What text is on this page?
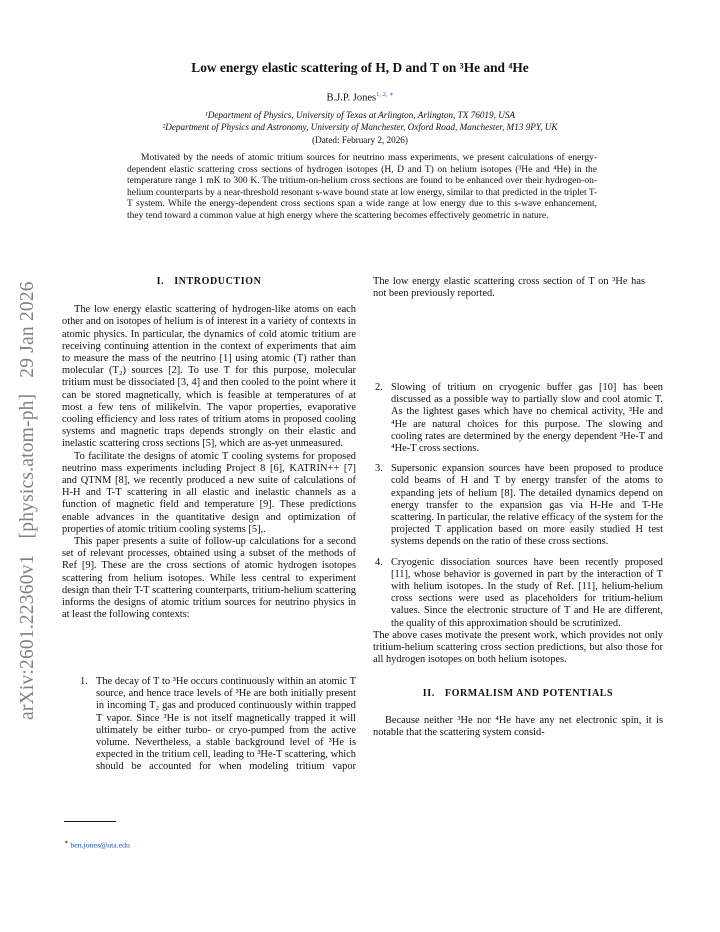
arXiv:2601.22360v1
[physics.atom-ph]
29 Jan 2026
Low energy elastic scattering of H, D and T on ³He and ⁴He
B.J.P. Jones$^{1, 2, ∗}$
¹Department of Physics, University of Texas at Arlington, Arlington, TX 76019, USA
²Department of Physics and Astronomy, University of Manchester, Oxford Road, Manchester, M13 9PY, UK
(Dated: February 2, 2026)

Motivated by the needs of atomic tritium sources for neutrino mass experiments, we present calculations of energy-dependent elastic scattering cross sections of hydrogen isotopes (H, D and T) on helium isotopes (³He and ⁴He) in the temperature range 1 mK to 300 K. The tritium-on-helium cross sections are found to be enhanced over their hydrogen-on-helium counterparts by a near-threshold resonant s-wave bound state at low energy, similar to that predicted in the triplet T-T system. While the energy-dependent cross sections span a wide range at low energy due to this s-wave enhancement, they tend toward a common value at high energy where the scattering becomes effectively geometric in nature.

I. INTRODUCTION

The low energy elastic scattering of hydrogen-like atoms on each other and on isotopes of helium is of interest in a variety of contexts in atomic physics. In particular, the dynamics of cold atomic tritium are receiving continuing attention in the context of experiments that aim to measure the mass of the neutrino [1] using atomic (T) rather than molecular (T₂) sources [2]. To use T for this purpose, molecular tritium must be dissociated [3, 4] and then cooled to the point where it can be stored magnetically, which is feasible at temperatures of at most a few tens of milikelvin. The vapor properties, evaporative cooling efficiency and loss rates of tritium atoms in proposed cooling systems and magnetic traps depends strongly on their elastic and inelastic scattering cross sections [5], which are as-yet unmeasured.

To facilitate the designs of atomic T cooling systems for proposed neutrino mass experiments including Project 8 [6], KATRIN++ [7] and QTNM [8], we recently produced a new suite of calculations of H-H and T-T scattering in all elastic and inelastic channels as a function of magnetic field and temperature [9]. These predictions enable advances in the quantitative design and optimization of properties of atomic tritium cooling systems [5],.

This paper presents a suite of follow-up calculations for a second set of relevant processes, obtained using a subset of the methods of Ref [9]. These are the cross sections of atomic hydrogen isotopes scattering from helium isotopes. While less central to experiment design than their T-T scattering counterparts, tritium-helium scattering informs the designs of atomic tritium sources for neutrino physics in at least the following contexts:

1. The decay of T to ³He occurs continuously within an atomic T source, and hence trace levels of ³He are both initially present in incoming T₂ gas and produced continuously within trapped T vapor. Since ³He is not itself magnetically trapped it will ultimately be either turbo- or cryo-pumped from the active volume. Nevertheless, a stable background level of ³He is expected in the tritium cell, leading to ³He-T scattering, which should be accounted for when modeling tritium vapor
The low energy elastic scattering cross section of T on ³He has not been previously reported.
2. Slowing of tritium on cryogenic buffer gas [10] has been discussed as a possible way to partially slow and cool atomic T. As the lightest gases which have no chemical activity, ³He and ⁴He are natural choices for this purpose. The slowing and cooling rates are determined by the energy dependent ³He-T and ⁴He-T cross sections.
3. Supersonic expansion sources have been proposed to produce cold beams of H and T by energy transfer of the atoms to expanding jets of helium [8]. The detailed dynamics depend on energy transfer to the expansion gas via H-He and T-He scattering. In particular, the relative efficacy of the system for the projected T application based on more easily studied H test systems depends on the ratio of these cross sections.
4. Cryogenic dissociation sources have been recently proposed [11], whose behavior is governed in part by the interaction of T with helium isotopes. In the study of Ref. [11], helium-helium cross sections were used as placeholders for tritium-helium values. Since the electronic structure of T and He are different, the quality of this approximation should be scrutinized.

The above cases motivate the present work, which provides not only tritium-helium scattering cross section predictions, but also those for all hydrogen isotopes on both helium isotopes.

II. FORMALISM AND POTENTIALS

Because neither ³He nor ⁴He have any net electronic spin, it is notable that the scattering system consid-

∗ ben.jones@uta.edu
